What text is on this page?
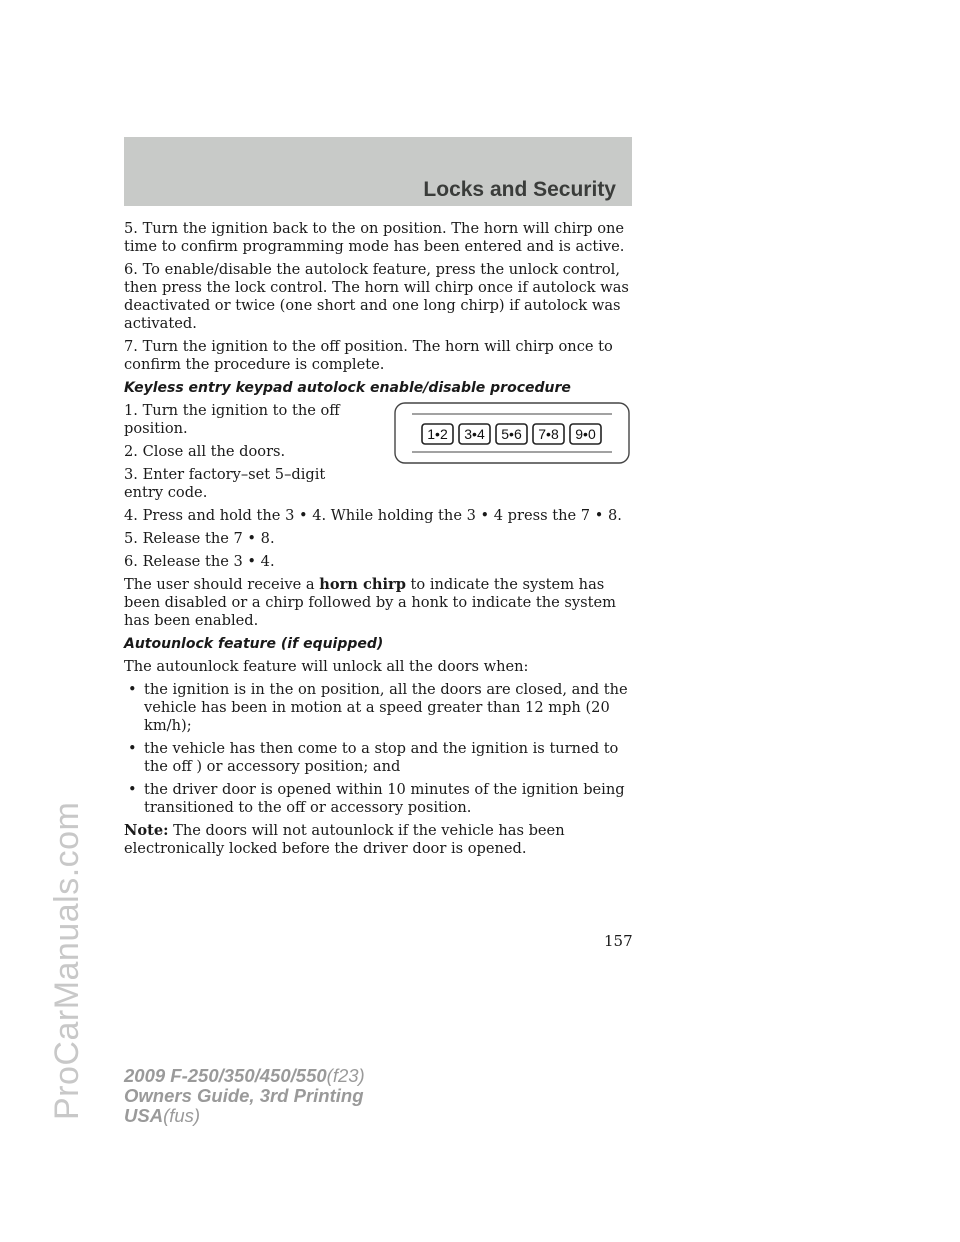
Locks and Security

5. Turn the ignition back to the on position. The horn will chirp one time to confirm programming mode has been entered and is active.

6. To enable/disable the autolock feature, press the unlock control, then press the lock control. The horn will chirp once if autolock was deactivated or twice (one short and one long chirp) if autolock was activated.

7. Turn the ignition to the off position. The horn will chirp once to confirm the procedure is complete.

Keyless entry keypad autolock enable/disable procedure

1. Turn the ignition to the off position.

2. Close all the doors.

3. Enter factory–set 5–digit entry code.

4. Press and hold the 3 • 4. While holding the 3 • 4 press the 7 • 8.

5. Release the 7 • 8.

6. Release the 3 • 4.

The user should receive a horn chirp to indicate the system has been disabled or a chirp followed by a honk to indicate the system has been enabled.

Autounlock feature (if equipped)

The autounlock feature will unlock all the doors when:

• the ignition is in the on position, all the doors are closed, and the vehicle has been in motion at a speed greater than 12 mph (20 km/h);
• the vehicle has then come to a stop and the ignition is turned to the off ) or accessory position; and
• the driver door is opened within 10 minutes of the ignition being transitioned to the off or accessory position.

Note: The doors will not autounlock if the vehicle has been electronically locked before the driver door is opened.

1•2 3•4 5•6 7•8 9•0
ProCarManuals.com	157
2009 F-250/350/450/550(f23)
Owners Guide, 3rd Printing
USA(fus)
